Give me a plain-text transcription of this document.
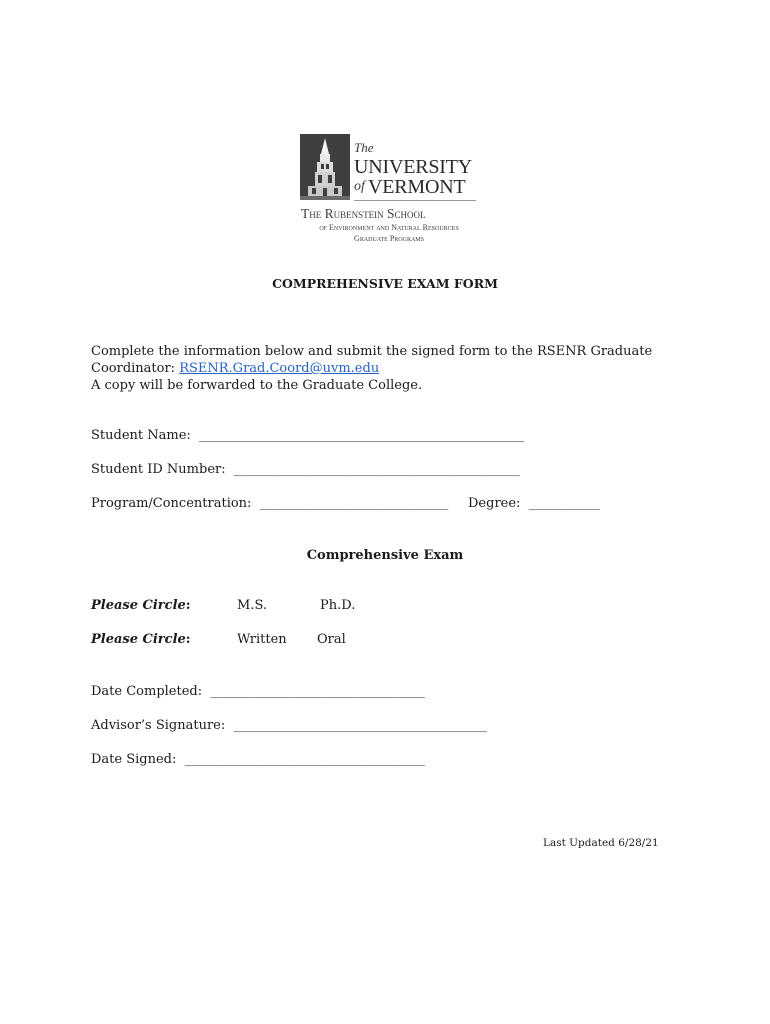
The
UNIVERSITY
of VERMONT
The Rubenstein School
of Environment and Natural Resources
Graduate Programs
COMPREHENSIVE EXAM FORM
Complete the information below and submit the signed form to the RSENR Graduate
Coordinator: RSENR.Grad.Coord@uvm.edu
A copy will be forwarded to the Graduate College.
Student Name:  __________________________________________________
Student ID Number:  ____________________________________________
Program/Concentration:  _____________________________ Degree:  ___________
Comprehensive Exam
Please Circle:	M.S.	Ph.D.
Please Circle:	Written Oral
Date Completed:  _________________________________
Advisor’s Signature:  _______________________________________
Date Signed:  _____________________________________
Last Updated 6/28/21
